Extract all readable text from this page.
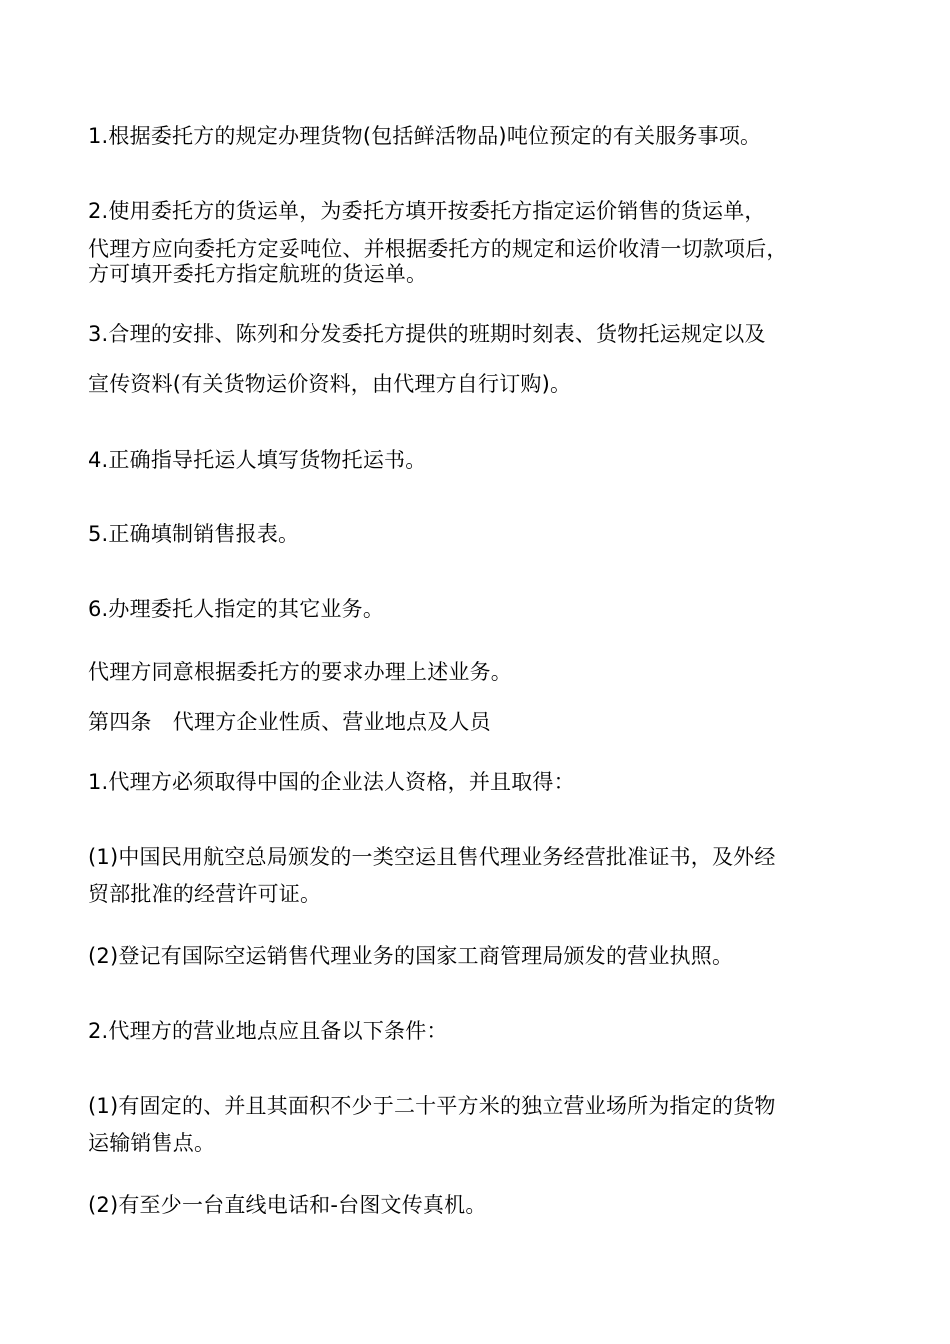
1.根据委托方的规定办理货物(包括鲜活物品)吨位预定的有关服务事项。
2.使用委托方的货运单，为委托方填开按委托方指定运价销售的货运单，
代理方应向委托方定妥吨位、并根据委托方的规定和运价收清一切款项后，
方可填开委托方指定航班的货运单。
3.合理的安排、陈列和分发委托方提供的班期时刻表、货物托运规定以及
宣传资料(有关货物运价资料，由代理方自行订购)。
4.正确指导托运人填写货物托运书。
5.正确填制销售报表。
6.办理委托人指定的其它业务。
代理方同意根据委托方的要求办理上述业务。
第四条　代理方企业性质、营业地点及人员
1.代理方必须取得中国的企业法人资格，并且取得：
(1)中国民用航空总局颁发的一类空运且售代理业务经营批准证书，及外经
贸部批准的经营许可证。
(2)登记有国际空运销售代理业务的国家工商管理局颁发的营业执照。
2.代理方的营业地点应且备以下条件：
(1)有固定的、并且其面积不少于二十平方米的独立营业场所为指定的货物
运输销售点。
(2)有至少一台直线电话和-台图文传真机。
